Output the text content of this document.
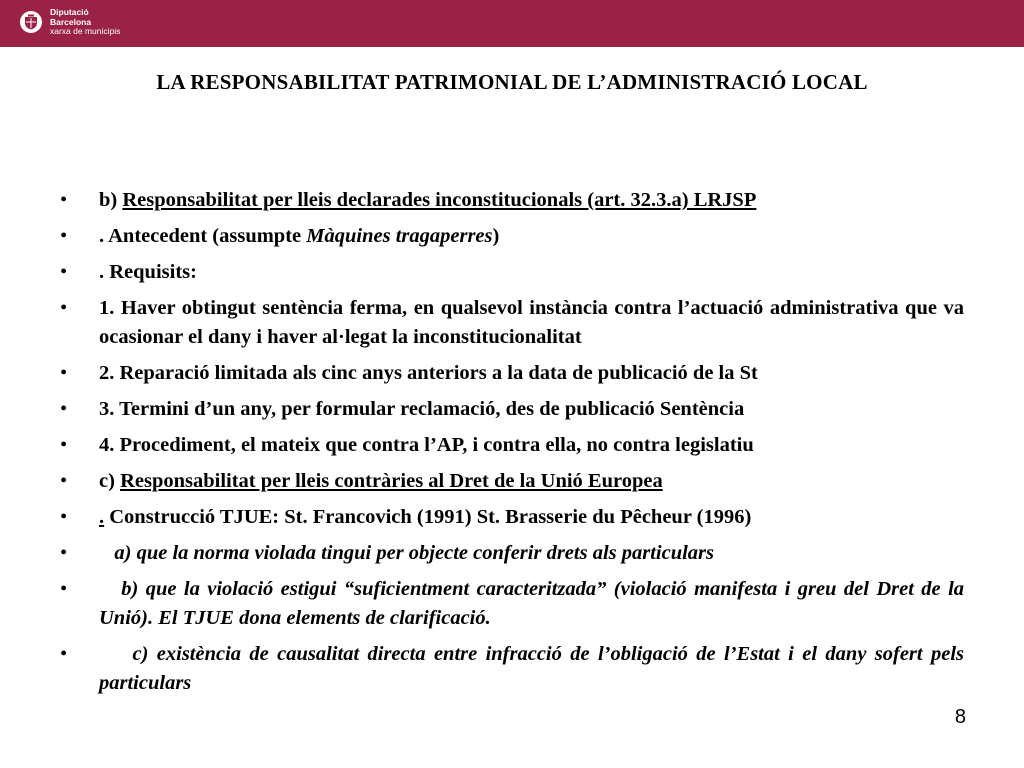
Diputació
Barcelona
xarxa de municipis
LA RESPONSABILITAT PATRIMONIAL DE L’ADMINISTRACIÓ LOCAL
• b) Responsabilitat per lleis declarades inconstitucionals (art. 32.3.a) LRJSP
• . Antecedent (assumpte Màquines tragaperres)
• . Requisits:
• 1. Haver obtingut sentència ferma, en qualsevol instància contra l’actuació administrativa que va ocasionar el dany i haver al·legat la inconstitucionalitat
• 2. Reparació limitada als cinc anys anteriors a la data de publicació de la St
• 3. Termini d’un any, per formular reclamació, des de publicació Sentència
• 4. Procediment, el mateix que contra l’AP, i contra ella, no contra legislatiu
• c) Responsabilitat per lleis contràries al Dret de la Unió Europea
• . Construcció TJUE: St. Francovich (1991) St. Brasserie du Pêcheur (1996)
• a) que la norma violada tingui per objecte conferir drets als particulars
• b) que la violació estigui “suficientment caracteritzada” (violació manifesta i greu del Dret de la Unió). El TJUE dona elements de clarificació.
• c) existència de causalitat directa entre infracció de l’obligació de l’Estat i el dany sofert pels particulars
8
